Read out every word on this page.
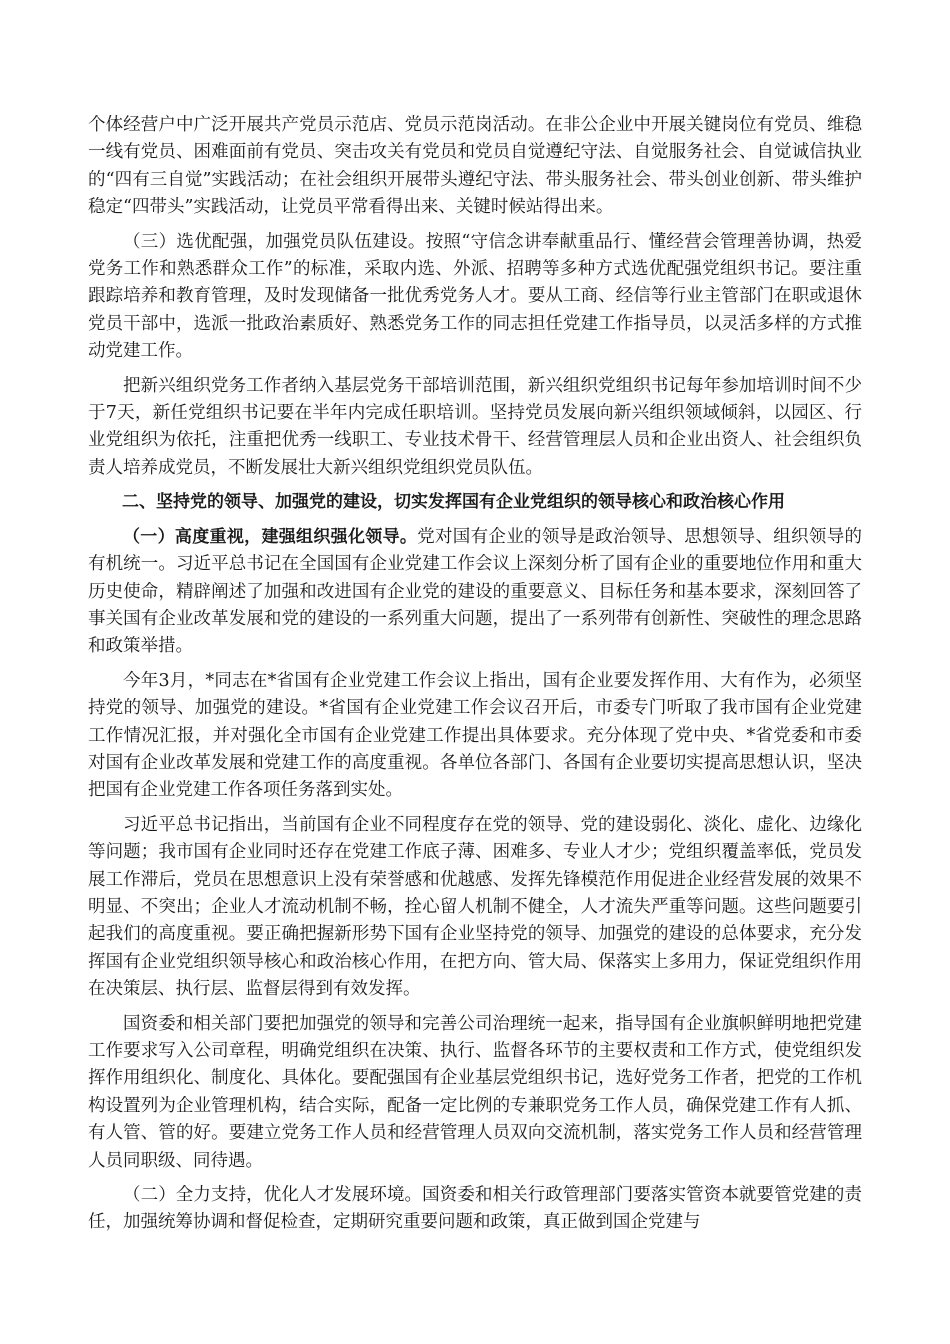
个体经营户中广泛开展共产党员示范店、党员示范岗活动。在非公企业中开展关键岗位有党员、维稳一线有党员、困难面前有党员、突击攻关有党员和党员自觉遵纪守法、自觉服务社会、自觉诚信执业的“四有三自觉”实践活动；在社会组织开展带头遵纪守法、带头服务社会、带头创业创新、带头维护稳定“四带头”实践活动，让党员平常看得出来、关键时候站得出来。

（三）选优配强，加强党员队伍建设。按照“守信念讲奉献重品行、懂经营会管理善协调，热爱党务工作和熟悉群众工作”的标准，采取内选、外派、招聘等多种方式选优配强党组织书记。要注重跟踪培养和教育管理，及时发现储备一批优秀党务人才。要从工商、经信等行业主管部门在职或退休党员干部中，选派一批政治素质好、熟悉党务工作的同志担任党建工作指导员，以灵活多样的方式推动党建工作。

把新兴组织党务工作者纳入基层党务干部培训范围，新兴组织党组织书记每年参加培训时间不少于7天，新任党组织书记要在半年内完成任职培训。坚持党员发展向新兴组织领域倾斜，以园区、行业党组织为依托，注重把优秀一线职工、专业技术骨干、经营管理层人员和企业出资人、社会组织负责人培养成党员，不断发展壮大新兴组织党组织党员队伍。

二、坚持党的领导、加强党的建设，切实发挥国有企业党组织的领导核心和政治核心作用

（一）高度重视，建强组织强化领导。党对国有企业的领导是政治领导、思想领导、组织领导的有机统一。习近平总书记在全国国有企业党建工作会议上深刻分析了国有企业的重要地位作用和重大历史使命，精辟阐述了加强和改进国有企业党的建设的重要意义、目标任务和基本要求，深刻回答了事关国有企业改革发展和党的建设的一系列重大问题，提出了一系列带有创新性、突破性的理念思路和政策举措。

今年3月，*同志在*省国有企业党建工作会议上指出，国有企业要发挥作用、大有作为，必须坚持党的领导、加强党的建设。*省国有企业党建工作会议召开后，市委专门听取了我市国有企业党建工作情况汇报，并对强化全市国有企业党建工作提出具体要求。充分体现了党中央、*省党委和市委对国有企业改革发展和党建工作的高度重视。各单位各部门、各国有企业要切实提高思想认识，坚决把国有企业党建工作各项任务落到实处。

习近平总书记指出，当前国有企业不同程度存在党的领导、党的建设弱化、淡化、虚化、边缘化等问题；我市国有企业同时还存在党建工作底子薄、困难多、专业人才少；党组织覆盖率低，党员发展工作滞后，党员在思想意识上没有荣誉感和优越感、发挥先锋模范作用促进企业经营发展的效果不明显、不突出；企业人才流动机制不畅，拴心留人机制不健全，人才流失严重等问题。这些问题要引起我们的高度重视。要正确把握新形势下国有企业坚持党的领导、加强党的建设的总体要求，充分发挥国有企业党组织领导核心和政治核心作用，在把方向、管大局、保落实上多用力，保证党组织作用在决策层、执行层、监督层得到有效发挥。

国资委和相关部门要把加强党的领导和完善公司治理统一起来，指导国有企业旗帜鲜明地把党建工作要求写入公司章程，明确党组织在决策、执行、监督各环节的主要权责和工作方式，使党组织发挥作用组织化、制度化、具体化。要配强国有企业基层党组织书记，选好党务工作者，把党的工作机构设置列为企业管理机构，结合实际，配备一定比例的专兼职党务工作人员，确保党建工作有人抓、有人管、管的好。要建立党务工作人员和经营管理人员双向交流机制，落实党务工作人员和经营管理人员同职级、同待遇。

（二）全力支持，优化人才发展环境。国资委和相关行政管理部门要落实管资本就要管党建的责任，加强统筹协调和督促检查，定期研究重要问题和政策，真正做到国企党建与
